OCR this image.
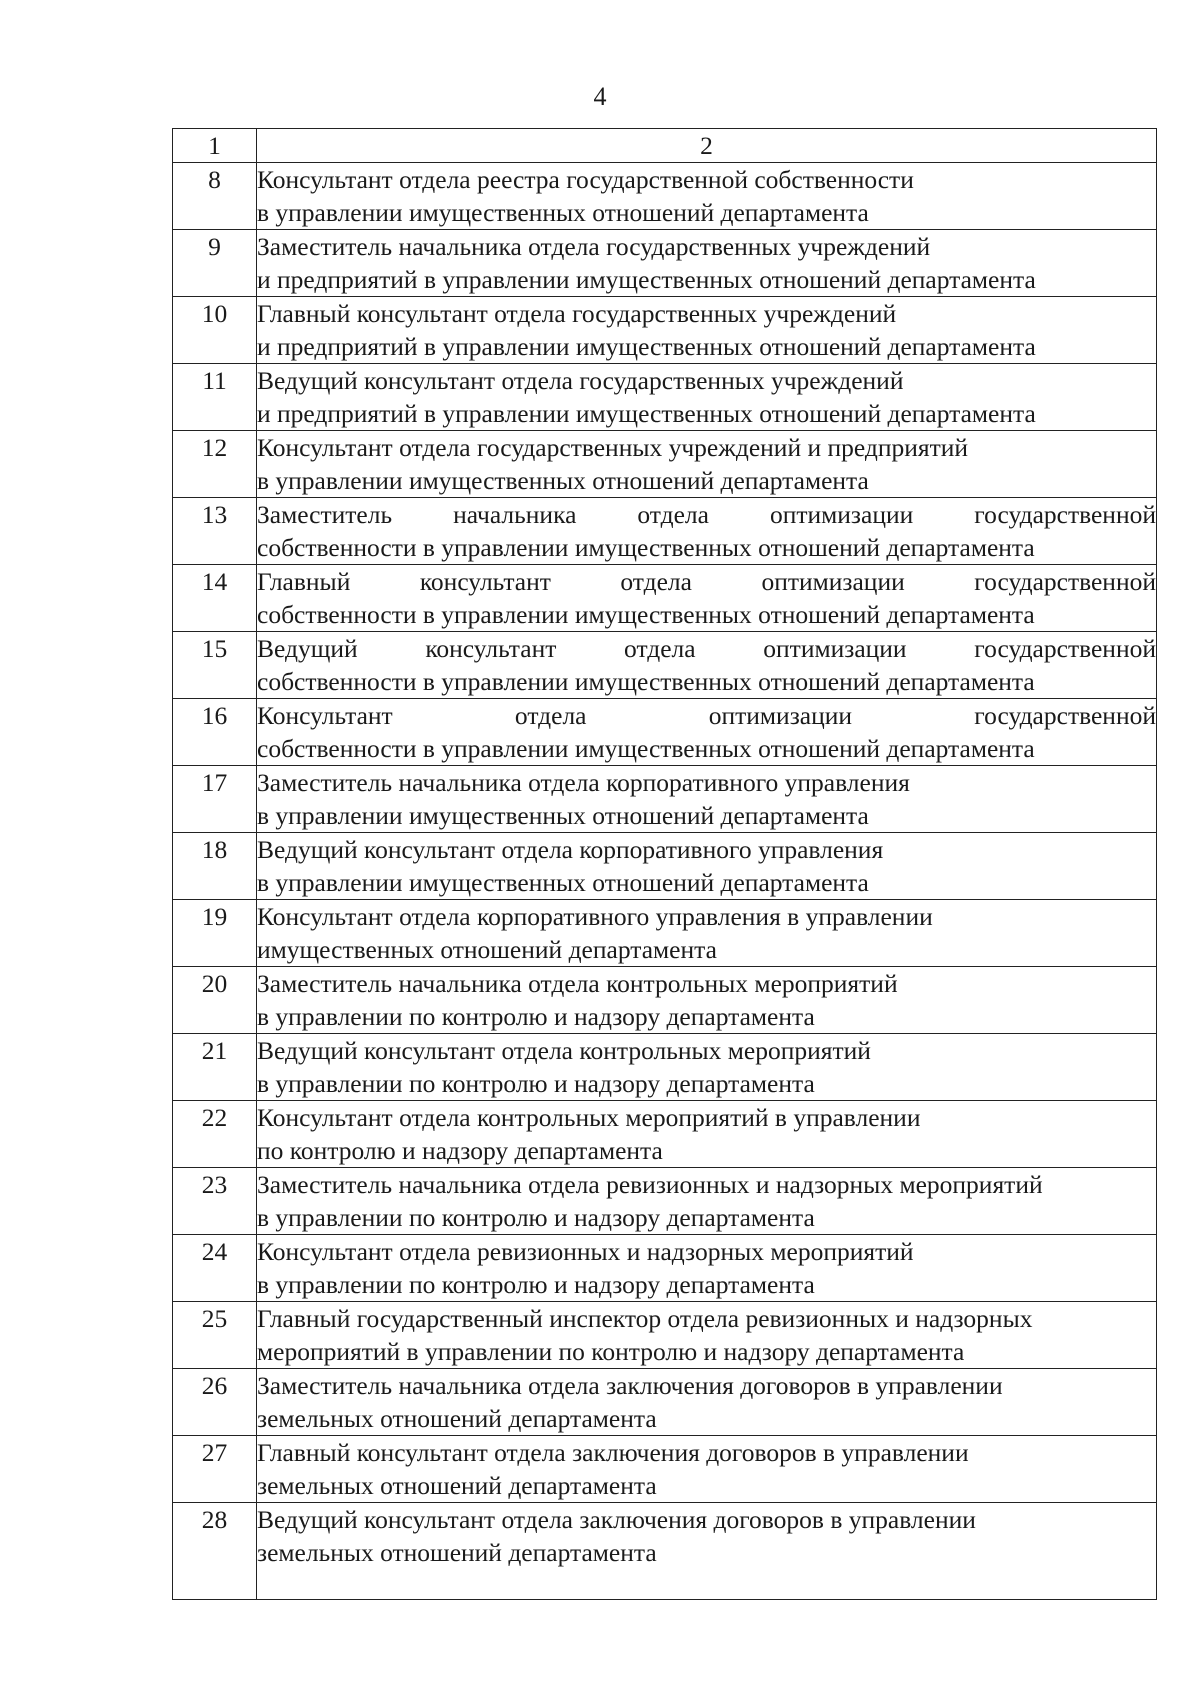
4
1	2
8	Консультант отдела реестра государственной собственности
в управлении имущественных отношений департамента

9	Заместитель начальника отдела государственных учреждений
и предприятий в управлении имущественных отношений департамента

10	Главный консультант отдела государственных учреждений
и предприятий в управлении имущественных отношений департамента

11	Ведущий консультант отдела государственных учреждений
и предприятий в управлении имущественных отношений департамента

12	Консультант отдела государственных учреждений и предприятий
в управлении имущественных отношений департамента

13	Заместитель начальника отдела оптимизации государственной
собственности в управлении имущественных отношений департамента

14	Главный консультант отдела оптимизации государственной
собственности в управлении имущественных отношений департамента

15	Ведущий консультант отдела оптимизации государственной
собственности в управлении имущественных отношений департамента

16	Консультант отдела оптимизации государственной
собственности в управлении имущественных отношений департамента

17	Заместитель начальника отдела корпоративного управления
в управлении имущественных отношений департамента

18	Ведущий консультант отдела корпоративного управления
в управлении имущественных отношений департамента

19	Консультант отдела корпоративного управления в управлении
имущественных отношений департамента

20	Заместитель начальника отдела контрольных мероприятий
в управлении по контролю и надзору департамента

21	Ведущий консультант отдела контрольных мероприятий
в управлении по контролю и надзору департамента

22	Консультант отдела контрольных мероприятий в управлении
по контролю и надзору департамента

23	Заместитель начальника отдела ревизионных и надзорных мероприятий
в управлении по контролю и надзору департамента

24	Консультант отдела ревизионных и надзорных мероприятий
в управлении по контролю и надзору департамента

25	Главный государственный инспектор отдела ревизионных и надзорных
мероприятий в управлении по контролю и надзору департамента

26	Заместитель начальника отдела заключения договоров в управлении
земельных отношений департамента

27	Главный консультант отдела заключения договоров в управлении
земельных отношений департамента

28	Ведущий консультант отдела заключения договоров в управлении
земельных отношений департамента
